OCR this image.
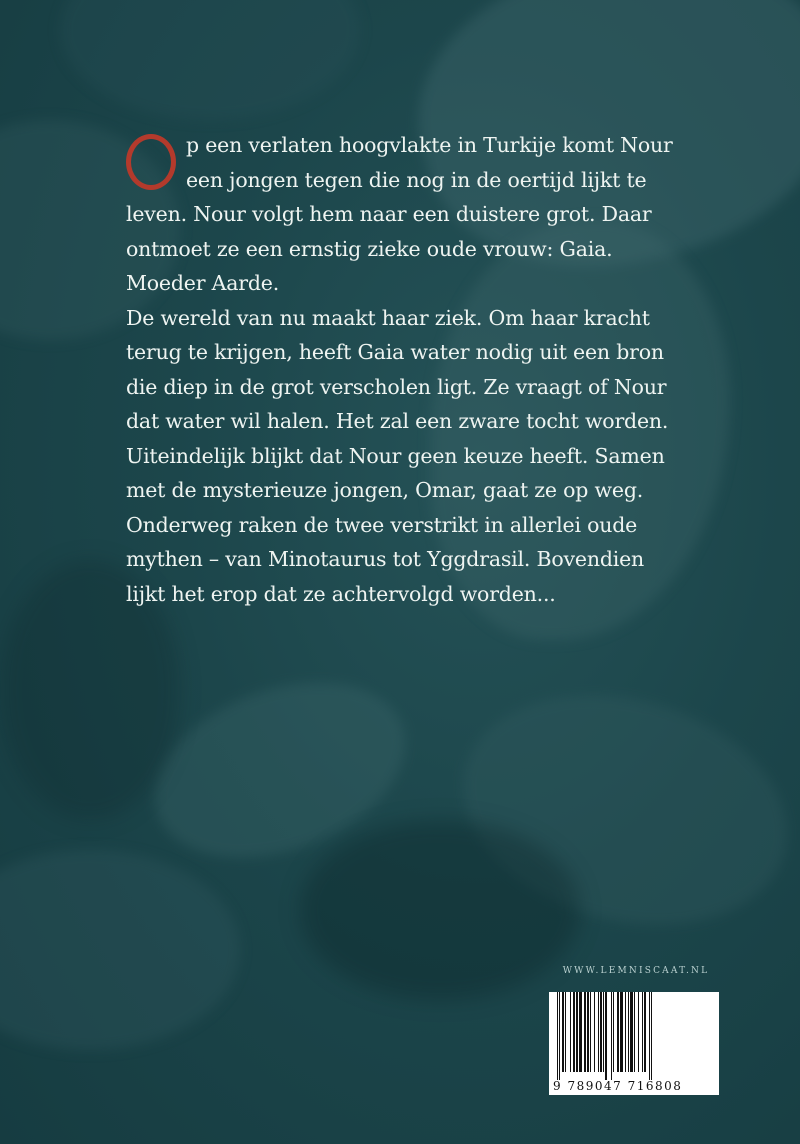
p een verlaten hoogvlakte in Turkije komt Nour een jongen tegen die nog in de oertijd lijkt te leven. Nour volgt hem naar een duistere grot. Daar ontmoet ze een ernstig zieke oude vrouw: Gaia. Moeder Aarde.

De wereld van nu maakt haar ziek. Om haar kracht terug te krijgen, heeft Gaia water nodig uit een bron die diep in de grot verscholen ligt. Ze vraagt of Nour dat water wil halen. Het zal een zware tocht worden. Uiteindelijk blijkt dat Nour geen keuze heeft. Samen met de mysterieuze jongen, Omar, gaat ze op weg. Onderweg raken de twee verstrikt in allerlei oude mythen – van Minotaurus tot Yggdrasil. Bovendien lijkt het erop dat ze achtervolgd worden...

WWW.LEMNISCAAT.NL
9 789047 716808
